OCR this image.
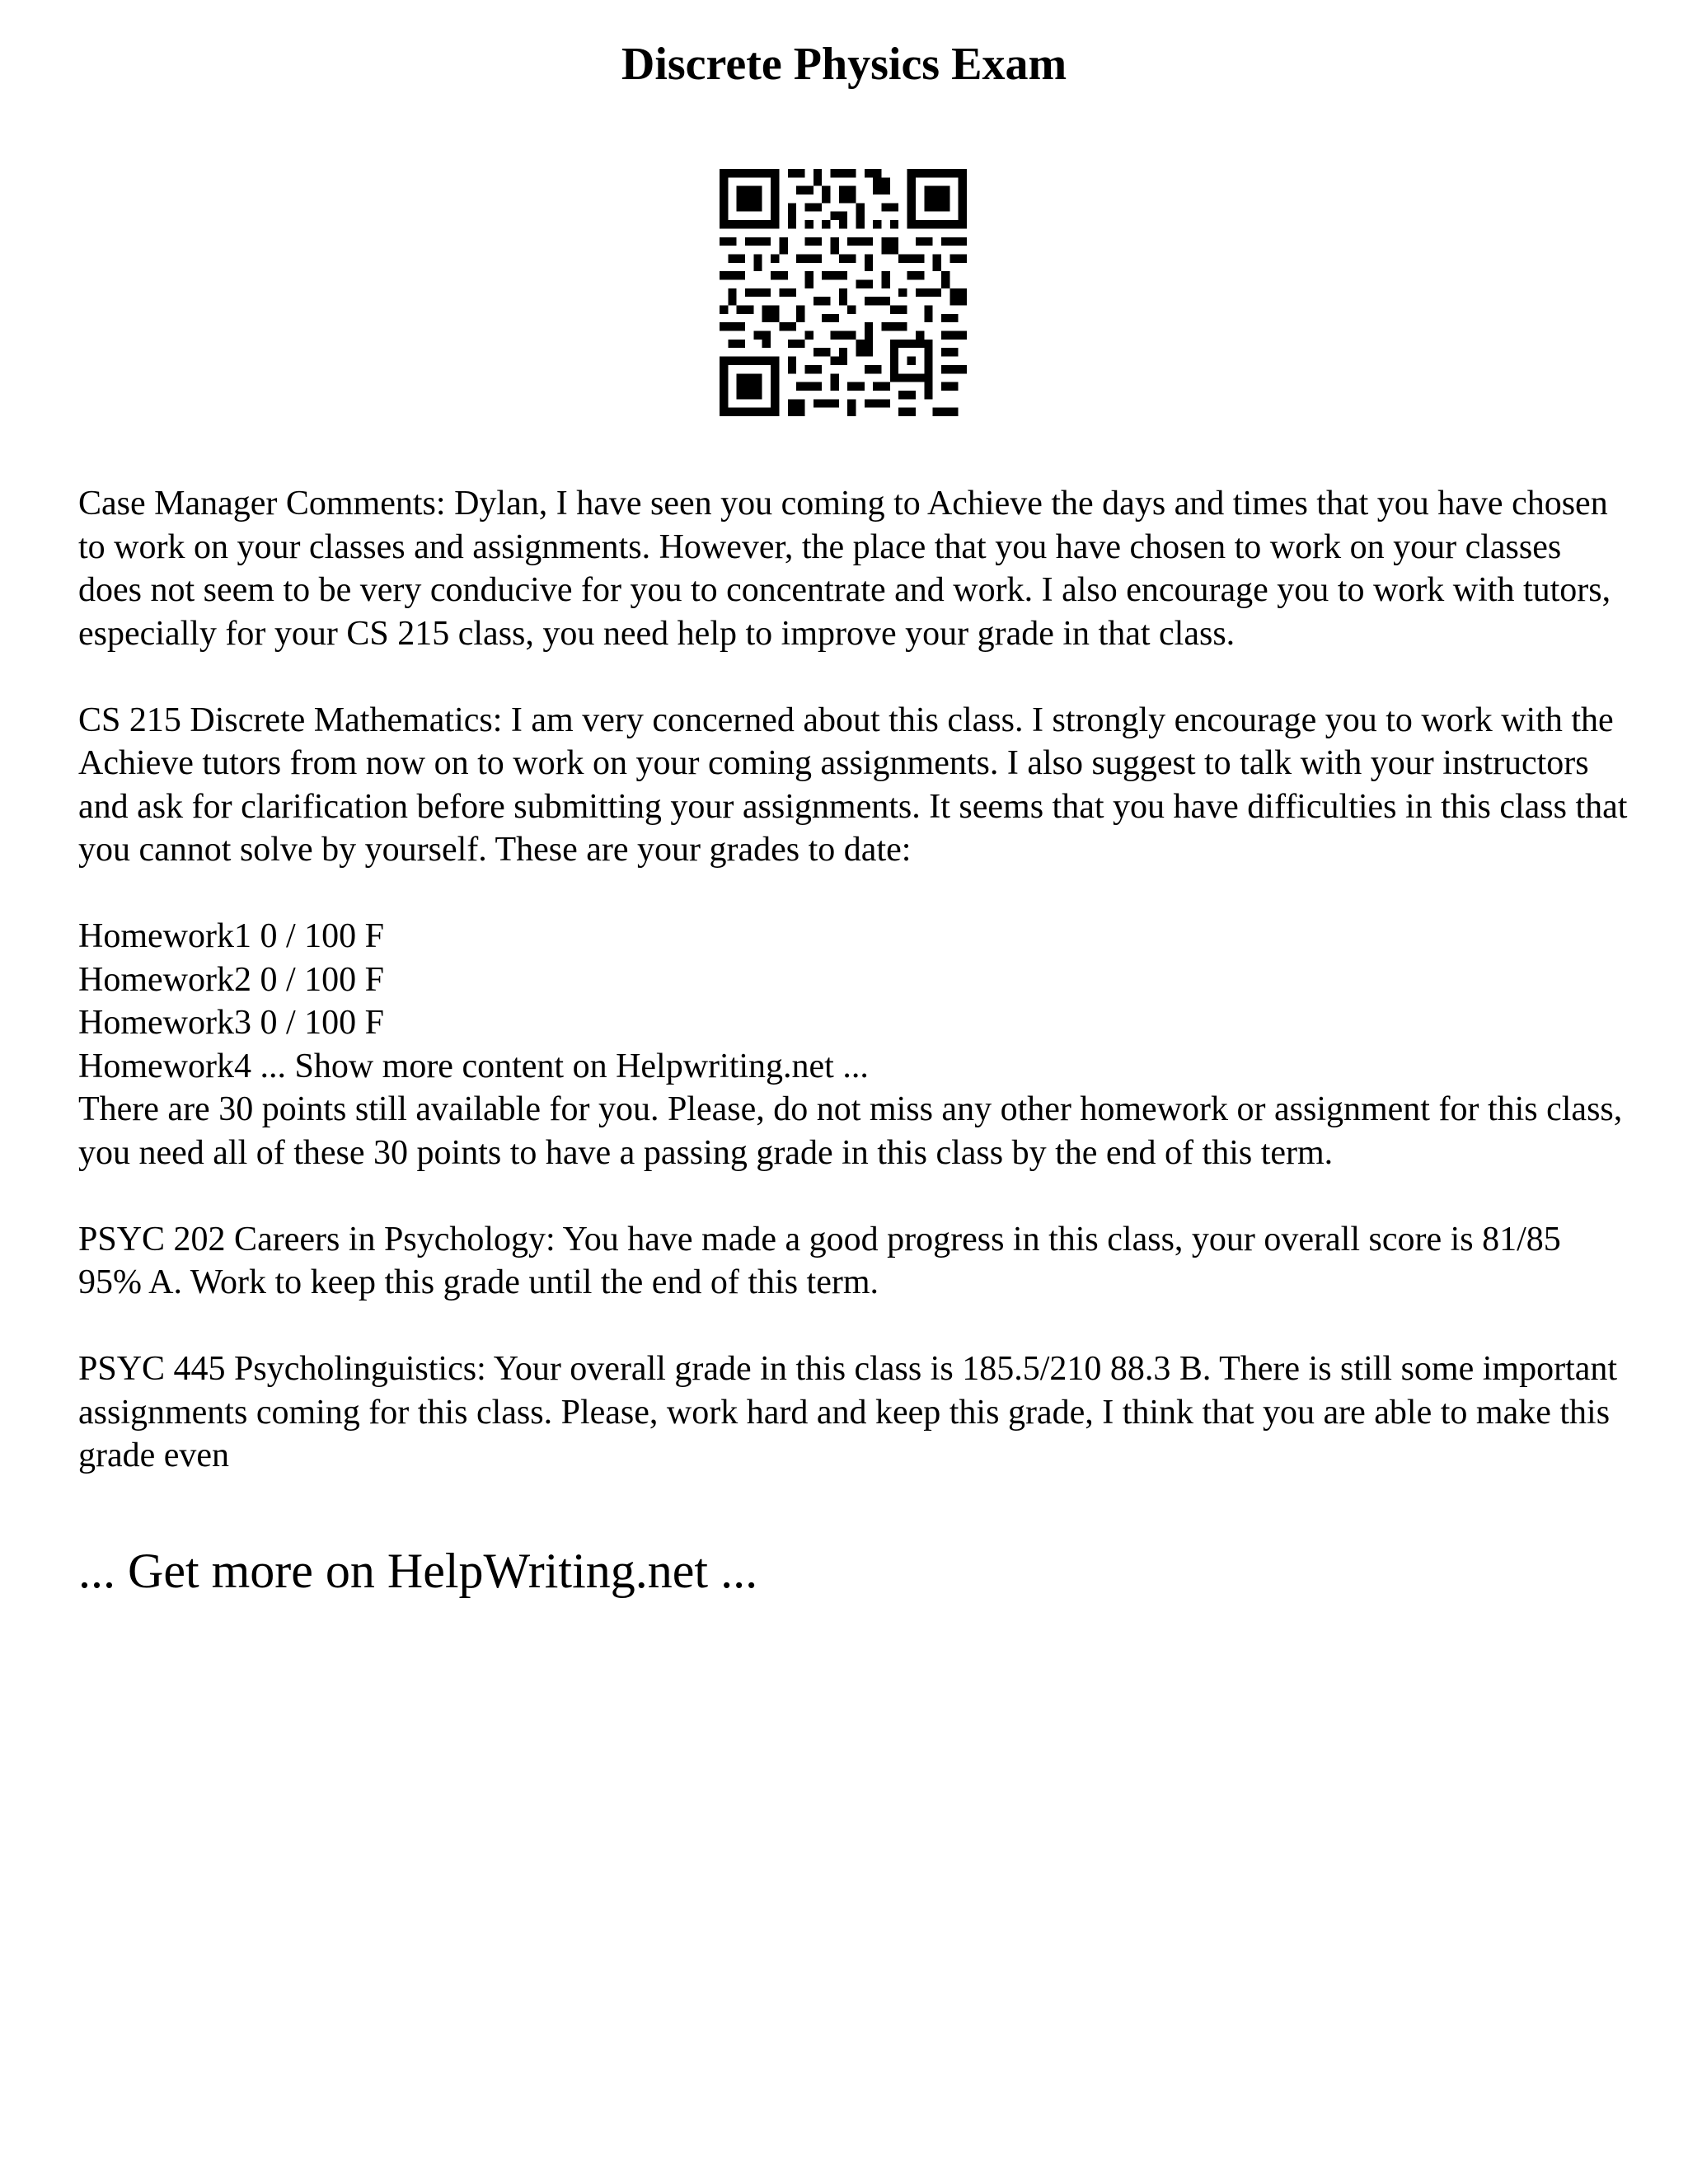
Discrete Physics Exam

Case Manager Comments: Dylan, I have seen you coming to Achieve the days and times that you have chosen to work on your classes and assignments. However, the place that you have chosen to work on your classes does not seem to be very conducive for you to concentrate and work. I also encourage you to work with tutors, especially for your CS 215 class, you need help to improve your grade in that class.

CS 215 Discrete Mathematics: I am very concerned about this class. I strongly encourage you to work with the Achieve tutors from now on to work on your coming assignments. I also suggest to talk with your instructors and ask for clarification before submitting your assignments. It seems that you have difficulties in this class that you cannot solve by yourself. These are your grades to date:

Homework1 0 / 100 F

Homework2 0 / 100 F

Homework3 0 / 100 F

Homework4 ... Show more content on Helpwriting.net ...

There are 30 points still available for you. Please, do not miss any other homework or assignment for this class, you need all of these 30 points to have a passing grade in this class by the end of this term.

PSYC 202 Careers in Psychology: You have made a good progress in this class, your overall score is 81/85 95% A. Work to keep this grade until the end of this term.

PSYC 445 Psycholinguistics: Your overall grade in this class is 185.5/210 88.3 B. There is still some important assignments coming for this class. Please, work hard and keep this grade, I think that you are able to make this grade even

... Get more on HelpWriting.net ...
